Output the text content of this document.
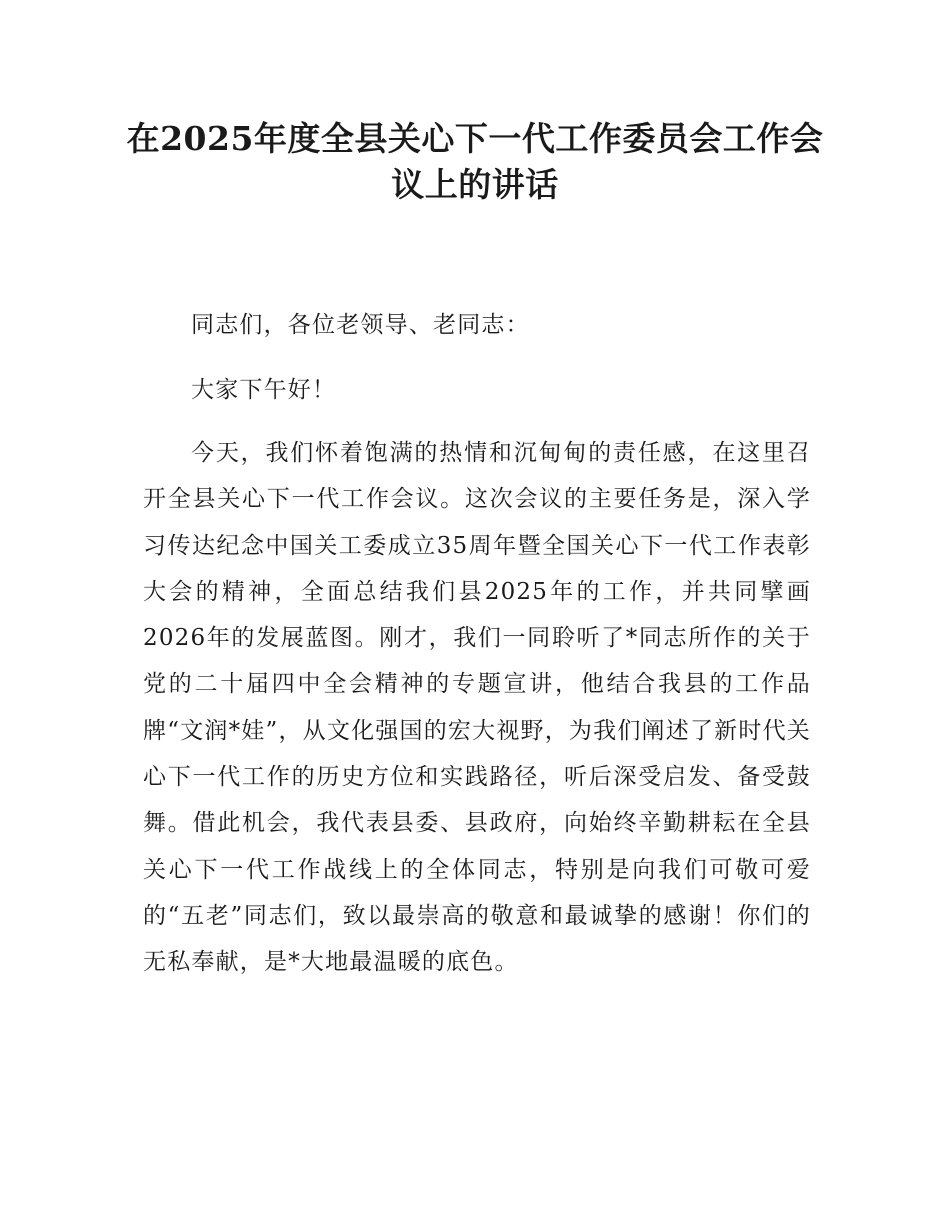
在2025年度全县关心下一代工作委员会工作会议上的讲话

同志们，各位老领导、老同志：

大家下午好！

今天，我们怀着饱满的热情和沉甸甸的责任感，在这里召开全县关心下一代工作会议。这次会议的主要任务是，深入学习传达纪念中国关工委成立35周年暨全国关心下一代工作表彰大会的精神，全面总结我们县2025年的工作，并共同擘画2026年的发展蓝图。刚才，我们一同聆听了*同志所作的关于党的二十届四中全会精神的专题宣讲，他结合我县的工作品牌“文润*娃”，从文化强国的宏大视野，为我们阐述了新时代关心下一代工作的历史方位和实践路径，听后深受启发、备受鼓舞。借此机会，我代表县委、县政府，向始终辛勤耕耘在全县关心下一代工作战线上的全体同志，特别是向我们可敬可爱的“五老”同志们，致以最崇高的敬意和最诚挚的感谢！你们的无私奉献，是*大地最温暖的底色。
